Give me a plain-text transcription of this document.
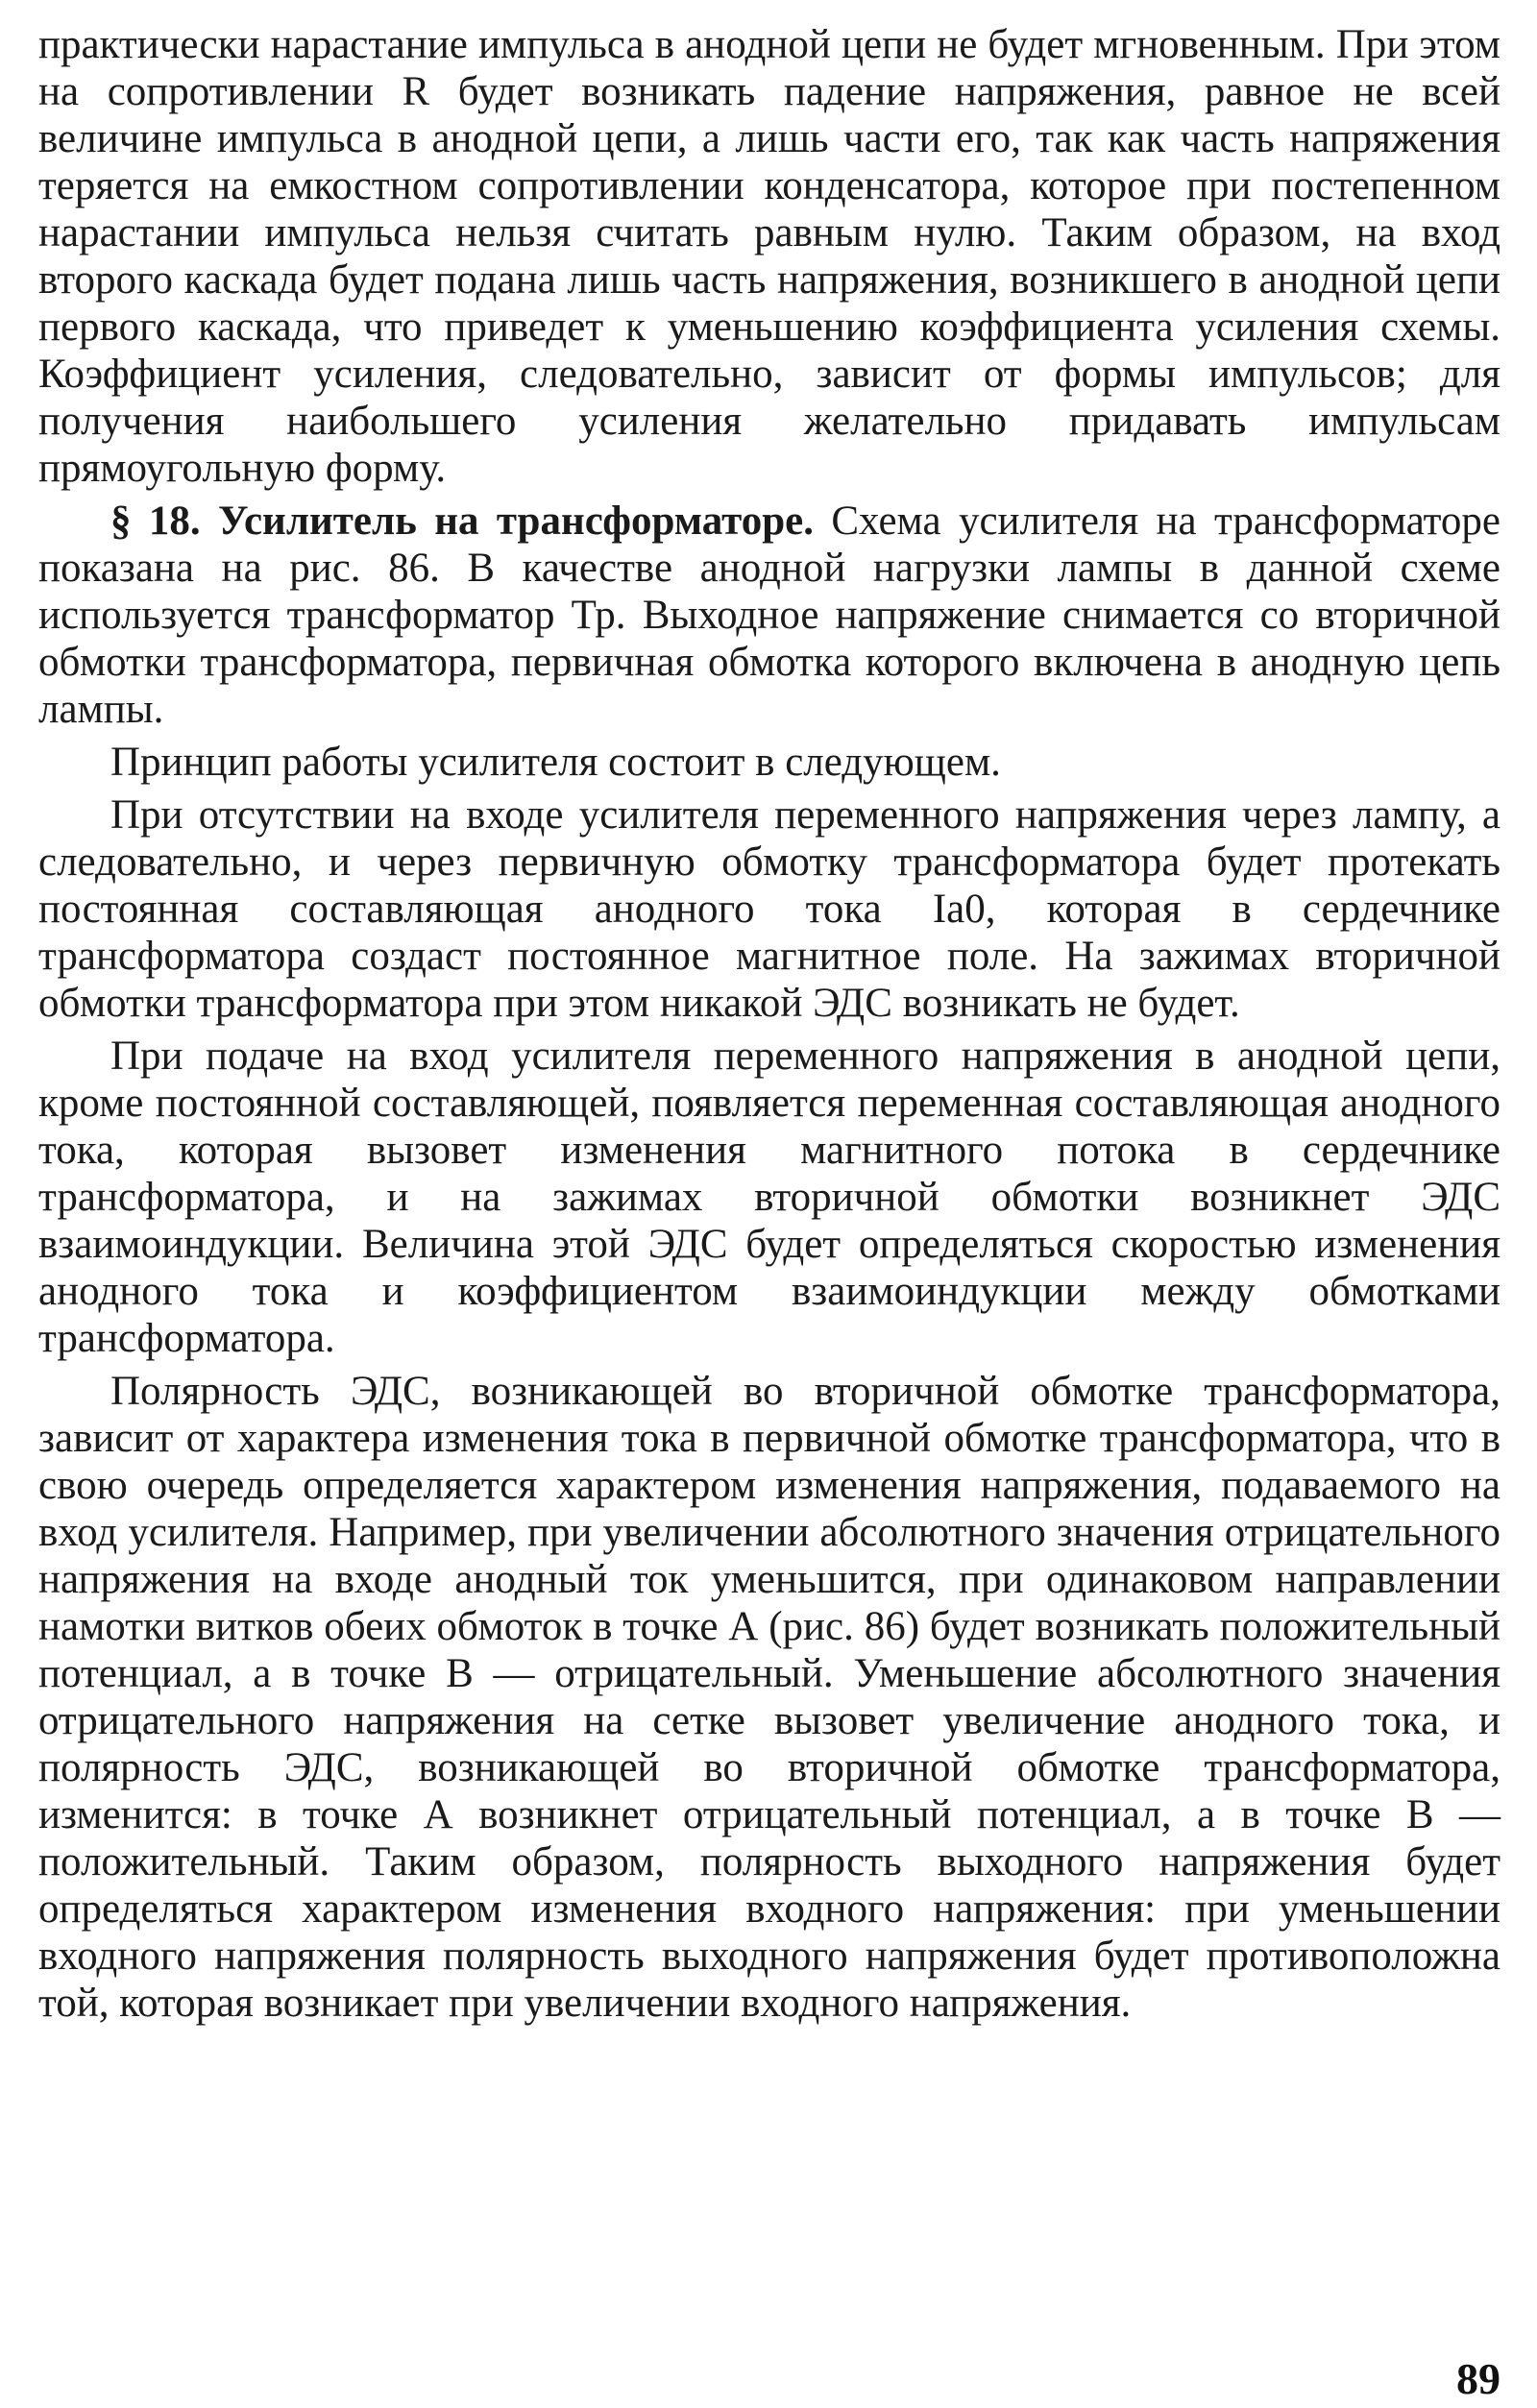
практически нарастание импульса в анодной цепи не будет мгновенным. При этом на сопротивлении R будет возникать падение напряжения, равное не всей величине импульса в анодной цепи, а лишь части его, так как часть напряжения теряется на емкостном сопротивлении конденсатора, которое при постепенном нарастании импульса нельзя считать равным нулю. Таким образом, на вход второго каскада будет подана лишь часть напряжения, возникшего в анодной цепи первого каскада, что приведет к уменьшению коэффициента усиления схемы. Коэффициент усиления, следовательно, зависит от формы импульсов; для получения наибольшего усиления желательно придавать импульсам прямоугольную форму.

§ 18. Усилитель на трансформаторе. Схема усилителя на трансформаторе показана на рис. 86. В качестве анодной нагрузки лампы в данной схеме используется трансформатор Тр. Выходное напряжение снимается со вторичной обмотки трансформатора, первичная обмотка которого включена в анодную цепь лампы.

Принцип работы усилителя состоит в следующем.

При отсутствии на входе усилителя переменного напряжения через лампу, а следовательно, и через первичную обмотку трансформатора будет протекать постоянная составляющая анодного тока Iа0, которая в сердечнике трансформатора создаст постоянное магнитное поле. На зажимах вторичной обмотки трансформатора при этом никакой ЭДС возникать не будет.

При подаче на вход усилителя переменного напряжения в анодной цепи, кроме постоянной составляющей, появляется переменная составляющая анодного тока, которая вызовет изменения магнитного потока в сердечнике трансформатора, и на зажимах вторичной обмотки возникнет ЭДС взаимоиндукции. Величина этой ЭДС будет определяться скоростью изменения анодного тока и коэффициентом взаимоиндукции между обмотками трансформатора.

Полярность ЭДС, возникающей во вторичной обмотке трансформатора, зависит от характера изменения тока в первичной обмотке трансформатора, что в свою очередь определяется характером изменения напряжения, подаваемого на вход усилителя. Например, при увеличении абсолютного значения отрицательного напряжения на входе анодный ток уменьшится, при одинаковом направлении намотки витков обеих обмоток в точке А (рис. 86) будет возникать положительный потенциал, а в точке В — отрицательный. Уменьшение абсолютного значения отрицательного напряжения на сетке вызовет увеличение анодного тока, и полярность ЭДС, возникающей во вторичной обмотке трансформатора, изменится: в точке А возникнет отрицательный потенциал, а в точке В — положительный. Таким образом, полярность выходного напряжения будет определяться характером изменения входного напряжения: при уменьшении входного напряжения полярность выходного напряжения будет противоположна той, которая возникает при увеличении входного напряжения.

89
